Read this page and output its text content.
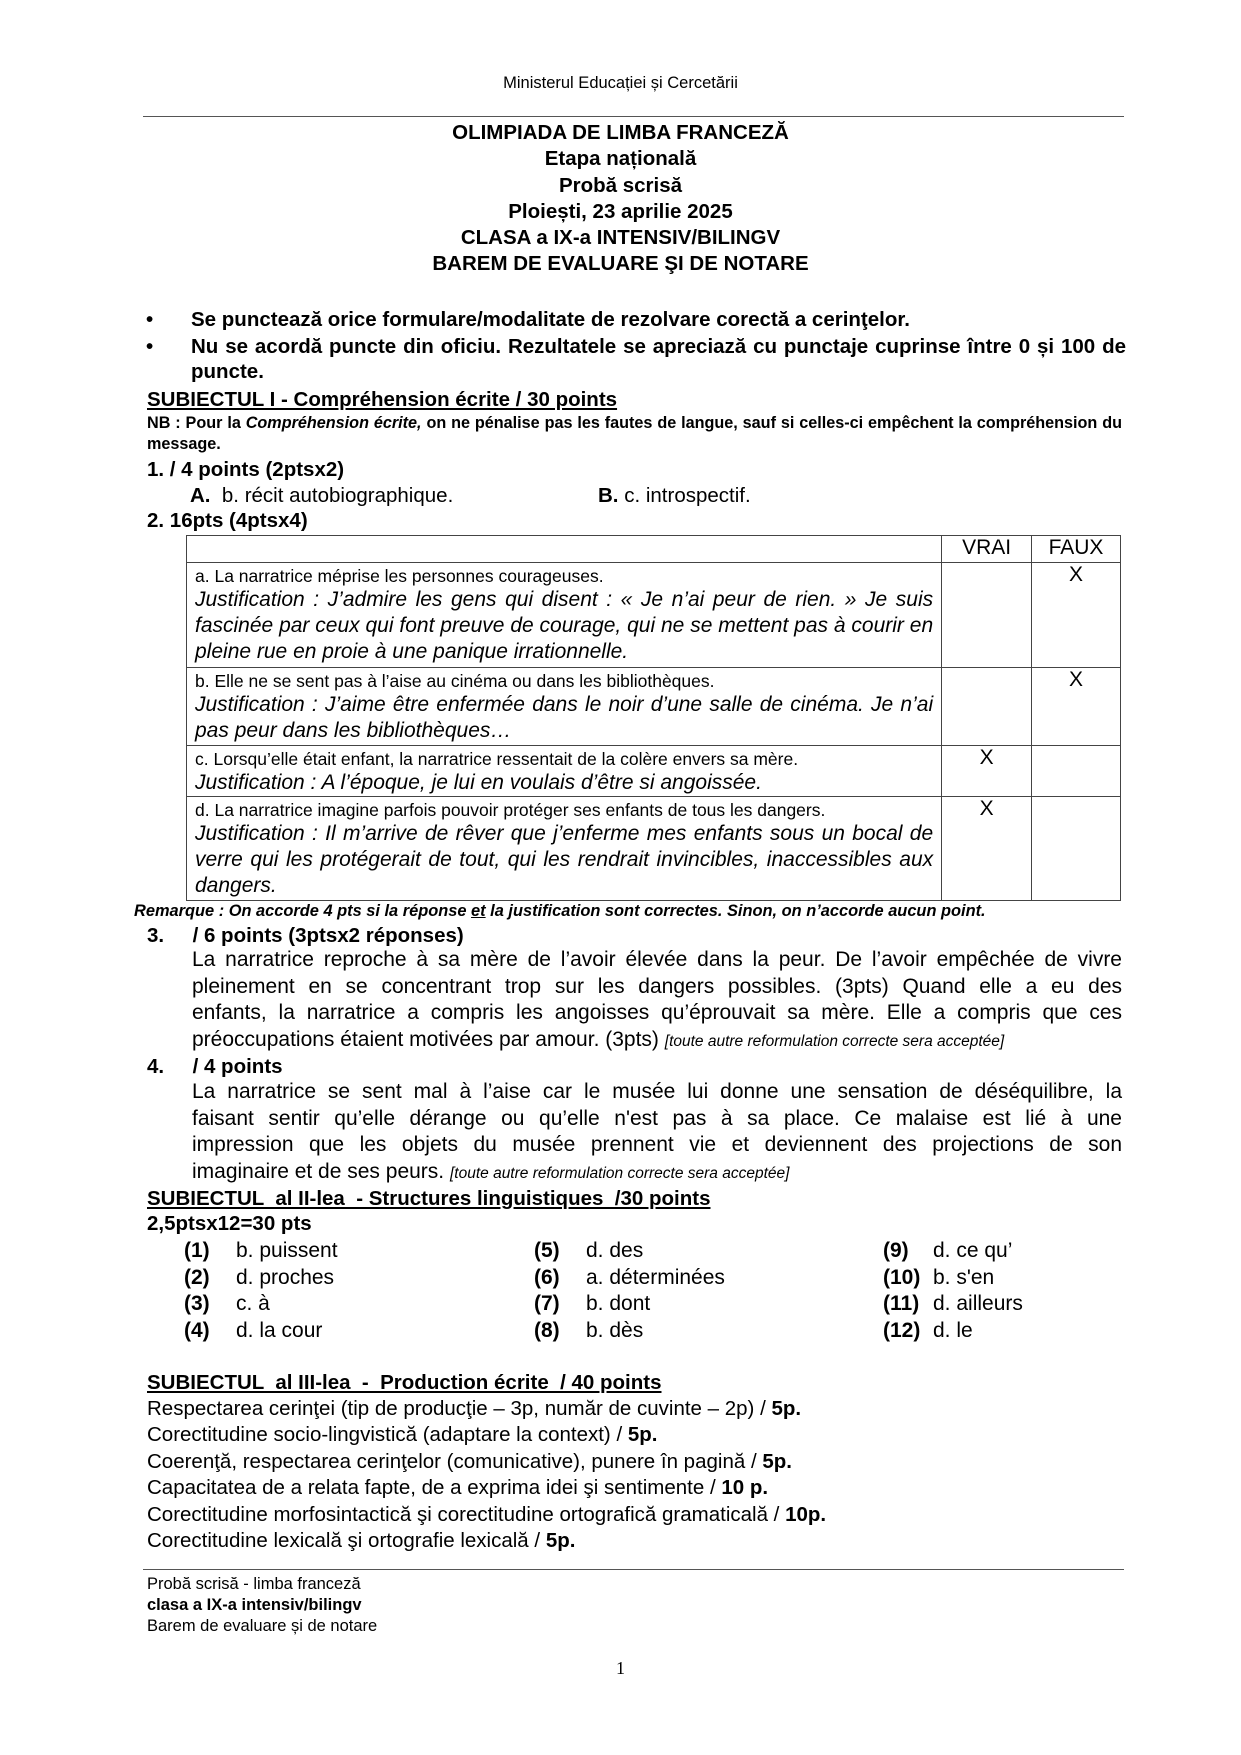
Ministerul Educației și Cercetării
OLIMPIADA DE LIMBA FRANCEZĂ
Etapa națională
Probă scrisă
Ploiești, 23 aprilie 2025
CLASA a IX-a INTENSIV/BILINGV
BAREM DE EVALUARE ŞI DE NOTARE
• Se punctează orice formulare/modalitate de rezolvare corectă a cerinţelor.
• Nu se acordă puncte din oficiu. Rezultatele se apreciază cu punctaje cuprinse între 0 și 100 de puncte.
SUBIECTUL I - Compréhension écrite / 30 points
NB : Pour la Compréhension écrite, on ne pénalise pas les fautes de langue, sauf si celles-ci empêchent la compréhension du message.
1. / 4 points (2ptsx2)
A. b. récit autobiographique.	B. c. introspectif.
2. 16pts (4ptsx4)
	VRAI	FAUX

a. La narratrice méprise les personnes courageuses.
Justification : J’admire les gens qui disent : « Je n’ai peur de rien. » Je suis fascinée par ceux qui font preuve de courage, qui ne se mettent pas à courir en pleine rue en proie à une panique irrationnelle.		X

b. Elle ne se sent pas à l’aise au cinéma ou dans les bibliothèques.
Justification : J’aime être enfermée dans le noir d’une salle de cinéma. Je n’ai pas peur dans les bibliothèques…		X

c. Lorsqu’elle était enfant, la narratrice ressentait de la colère envers sa mère.
Justification : A l’époque, je lui en voulais d’être si angoissée.	X	

d. La narratrice imagine parfois pouvoir protéger ses enfants de tous les dangers.
Justification : Il m’arrive de rêver que j’enferme mes enfants sous un bocal de verre qui les protégerait de tout, qui les rendrait invincibles, inaccessibles aux dangers.	X	
Remarque : On accorde 4 pts si la réponse et la justification sont correctes. Sinon, on n’accorde aucun point.
3.     / 6 points (3ptsx2 réponses)
La narratrice reproche à sa mère de l’avoir élevée dans la peur. De l’avoir empêchée de vivre
pleinement en se concentrant trop sur les dangers possibles. (3pts) Quand elle a eu des
enfants, la narratrice a compris les angoisses qu’éprouvait sa mère. Elle a compris que ces
préoccupations étaient motivées par amour. (3pts) [toute autre reformulation correcte sera acceptée]
4.     / 4 points
La narratrice se sent mal à l’aise car le musée lui donne une sensation de déséquilibre, la
faisant sentir qu’elle dérange ou qu’elle n'est pas à sa place. Ce malaise est lié à une
impression que les objets du musée prennent vie et deviennent des projections de son
imaginaire et de ses peurs. [toute autre reformulation correcte sera acceptée]
SUBIECTUL  al II-lea  - Structures linguistiques  /30 points
2,5ptsx12=30 pts
(1) b. puissent
(2) d. proches
(3) c. à
(4) d. la cour
(5) d. des
(6) a. déterminées
(7) b. dont
(8) b. dès
(9) d. ce qu’
(10) b. s'en
(11) d. ailleurs
(12) d. le
SUBIECTUL  al III-lea  -  Production écrite  / 40 points
Respectarea cerinţei (tip de producţie – 3p, număr de cuvinte – 2p) / 5p.
Corectitudine socio-lingvistică (adaptare la context) / 5p.
Coerenţă, respectarea cerinţelor (comunicative), punere în pagină / 5p.
Capacitatea de a relata fapte, de a exprima idei şi sentimente / 10 p.
Corectitudine morfosintactică şi corectitudine ortografică gramaticală / 10p.
Corectitudine lexicală şi ortografie lexicală / 5p.
Probă scrisă - limba franceză
clasa a IX-a intensiv/bilingv
Barem de evaluare și de notare
1
